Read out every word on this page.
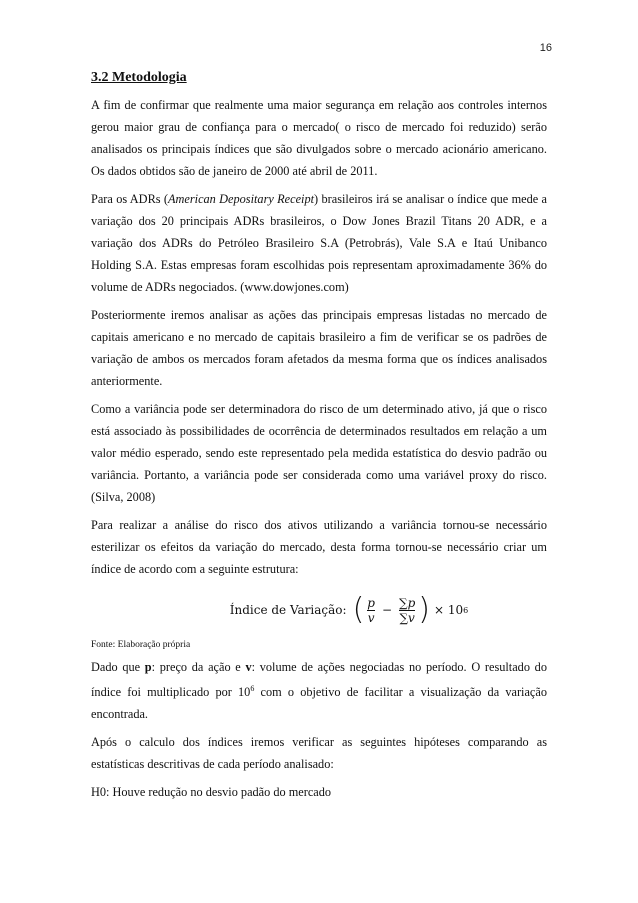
16
3.2 Metodologia

A fim de confirmar que realmente uma maior segurança em relação aos controles internos gerou maior grau de confiança para o mercado( o risco de mercado foi reduzido) serão analisados os principais índices que são divulgados sobre o mercado acionário americano. Os dados obtidos são de janeiro de 2000 até abril de 2011.

Para os ADRs (American Depositary Receipt) brasileiros irá se analisar o índice que mede a variação dos 20 principais ADRs brasileiros, o Dow Jones Brazil Titans 20 ADR, e a variação dos ADRs do Petróleo Brasileiro S.A (Petrobrás), Vale S.A e Itaú Unibanco Holding S.A. Estas empresas foram escolhidas pois representam aproximadamente 36% do volume de ADRs negociados. (www.dowjones.com)

Posteriormente iremos analisar as ações das principais empresas listadas no mercado de capitais americano e no mercado de capitais brasileiro a fim de verificar se os padrões de variação de ambos os mercados foram afetados da mesma forma que os índices analisados anteriormente.

Como a variância pode ser determinadora do risco de um determinado ativo, já que o risco está associado às possibilidades de ocorrência de determinados resultados em relação a um valor médio esperado, sendo este representado pela medida estatística do desvio padrão ou variância. Portanto, a variância pode ser considerada como uma variável proxy do risco. (Silva, 2008)

Para realizar a análise do risco dos ativos utilizando a variância tornou-se necessário esterilizar os efeitos da variação do mercado, desta forma tornou-se necessário criar um índice de acordo com a seguinte estrutura:

Índice de Variação: ( $\frac{p}{v} - \frac{\sum p}{\sum v}$ ) × 10 6
Fonte: Elaboração própria

Dado que p: preço da ação e v: volume de ações negociadas no período. O resultado do índice foi multiplicado por $10^6$ com o objetivo de facilitar a visualização da variação encontrada.

Após o calculo dos índices iremos verificar as seguintes hipóteses comparando as estatísticas descritivas de cada período analisado:

H0: Houve redução no desvio padão do mercado
